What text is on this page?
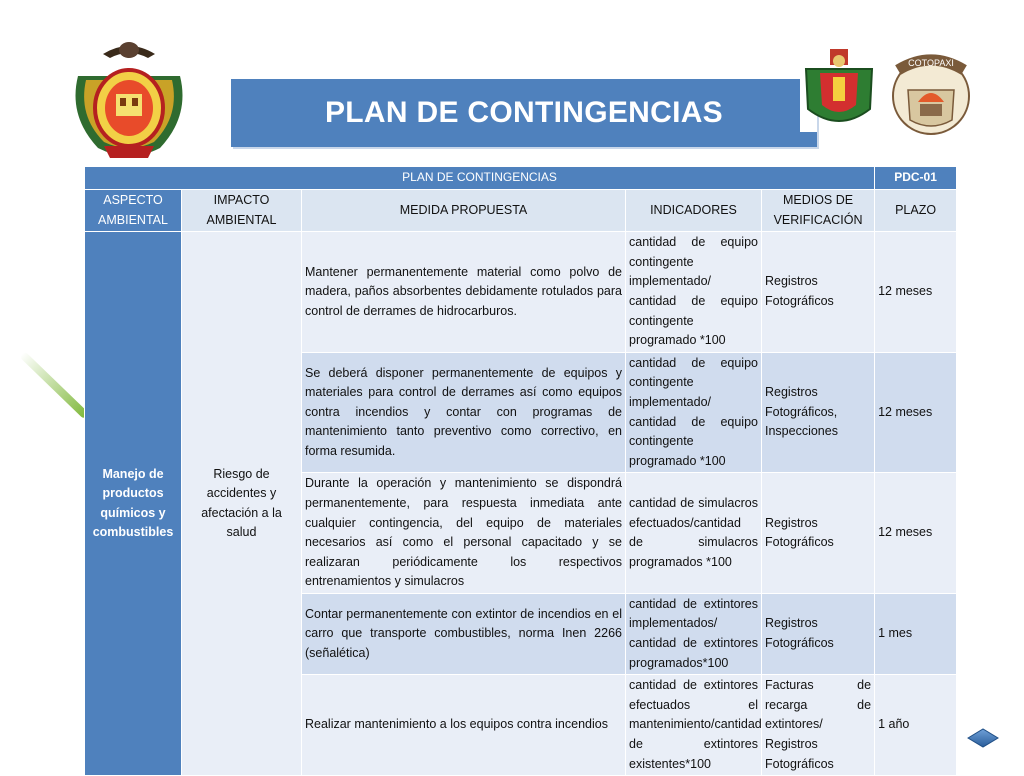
PLAN DE CONTINGENCIAS
COTOPAXI
PLAN DE CONTINGENCIAS					PDC-01
ASPECTO AMBIENTAL	IMPACTO AMBIENTAL	MEDIDA PROPUESTA	INDICADORES	MEDIOS DE VERIFICACIÓN	PLAZO
Manejo de productos químicos y combustibles	Riesgo de accidentes y afectación a la salud	Mantener permanentemente material como polvo de madera, paños absorbentes debidamente rotulados para control de derrames de hidrocarburos.	cantidad de equipo contingente implementado/ cantidad de equipo contingente programado *100	Registros Fotográficos	12 meses
		Se deberá disponer permanentemente de equipos y materiales para control de derrames así como equipos contra incendios y contar con programas de mantenimiento tanto preventivo como correctivo, en forma resumida.	cantidad de equipo contingente implementado/ cantidad de equipo contingente programado *100	Registros Fotográficos, Inspecciones	12 meses
		Durante la operación y mantenimiento se dispondrá permanentemente, para respuesta inmediata ante cualquier contingencia, del equipo de materiales necesarios así como el personal capacitado y se realizaran periódicamente los respectivos entrenamientos y simulacros	cantidad de simulacros efectuados/cantidad de simulacros programados *100	Registros Fotográficos	12 meses
		Contar permanentemente con extintor de incendios en el carro que transporte combustibles, norma Inen 2266 (señalética)	cantidad de extintores implementados/ cantidad de extintores programados*100	Registros Fotográficos	1 mes
		Realizar mantenimiento a los equipos contra incendios	cantidad de extintores efectuados el mantenimiento/cantidad de extintores existentes*100	Facturas de recarga de extintores/ Registros Fotográficos	1 año
